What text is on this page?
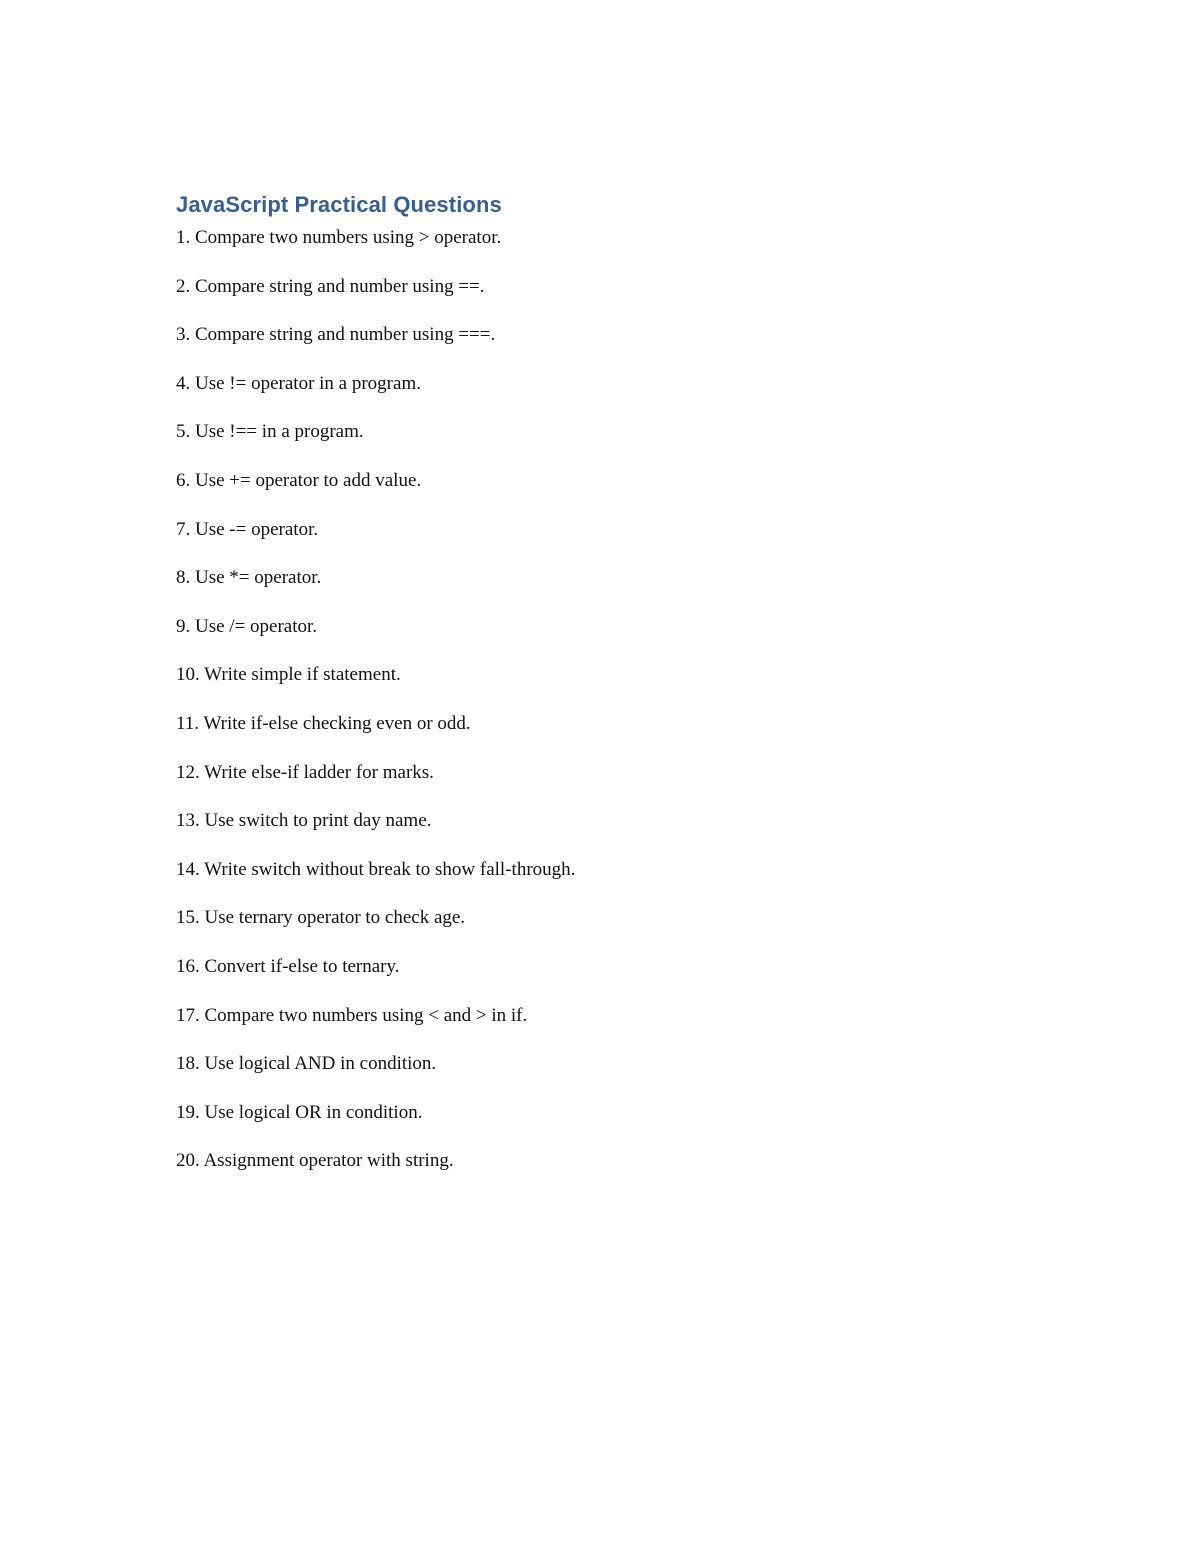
JavaScript Practical Questions
1. Compare two numbers using > operator.
2. Compare string and number using ==.
3. Compare string and number using ===.
4. Use != operator in a program.
5. Use !== in a program.
6. Use += operator to add value.
7. Use -= operator.
8. Use *= operator.
9. Use /= operator.
10. Write simple if statement.
11. Write if-else checking even or odd.
12. Write else-if ladder for marks.
13. Use switch to print day name.
14. Write switch without break to show fall-through.
15. Use ternary operator to check age.
16. Convert if-else to ternary.
17. Compare two numbers using < and > in if.
18. Use logical AND in condition.
19. Use logical OR in condition.
20. Assignment operator with string.
